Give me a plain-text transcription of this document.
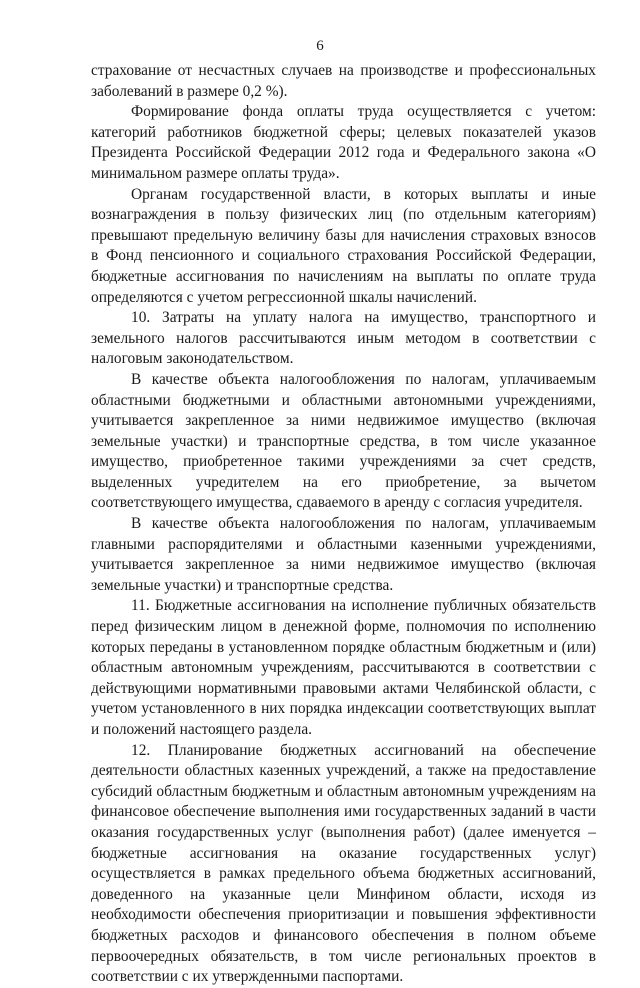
6

страхование от несчастных случаев на производстве и профессиональных заболеваний в размере 0,2 %).

Формирование фонда оплаты труда осуществляется с учетом: категорий работников бюджетной сферы; целевых показателей указов Президента Российской Федерации 2012 года и Федерального закона «О минимальном размере оплаты труда».

Органам государственной власти, в которых выплаты и иные вознаграждения в пользу физических лиц (по отдельным категориям) превышают предельную величину базы для начисления страховых взносов в Фонд пенсионного и социального страхования Российской Федерации, бюджетные ассигнования по начислениям на выплаты по оплате труда определяются с учетом регрессионной шкалы начислений.

10. Затраты на уплату налога на имущество, транспортного и земельного налогов рассчитываются иным методом в соответствии с налоговым законодательством.

В качестве объекта налогообложения по налогам, уплачиваемым областными бюджетными и областными автономными учреждениями, учитывается закрепленное за ними недвижимое имущество (включая земельные участки) и транспортные средства, в том числе указанное имущество, приобретенное такими учреждениями за счет средств, выделенных учредителем на его приобретение, за вычетом соответствующего имущества, сдаваемого в аренду с согласия учредителя.

В качестве объекта налогообложения по налогам, уплачиваемым главными распорядителями и областными казенными учреждениями, учитывается закрепленное за ними недвижимое имущество (включая земельные участки) и транспортные средства.

11. Бюджетные ассигнования на исполнение публичных обязательств перед физическим лицом в денежной форме, полномочия по исполнению которых переданы в установленном порядке областным бюджетным и (или) областным автономным учреждениям, рассчитываются в соответствии с действующими нормативными правовыми актами Челябинской области, с учетом установленного в них порядка индексации соответствующих выплат и положений настоящего раздела.

12. Планирование бюджетных ассигнований на обеспечение деятельности областных казенных учреждений, а также на предоставление субсидий областным бюджетным и областным автономным учреждениям на финансовое обеспечение выполнения ими государственных заданий в части оказания государственных услуг (выполнения работ) (далее именуется – бюджетные ассигнования на оказание государственных услуг) осуществляется в рамках предельного объема бюджетных ассигнований, доведенного на указанные цели Минфином области, исходя из необходимости обеспечения приоритизации и повышения эффективности бюджетных расходов и финансового обеспечения в полном объеме первоочередных обязательств, в том числе региональных проектов в соответствии с их утвержденными паспортами.
